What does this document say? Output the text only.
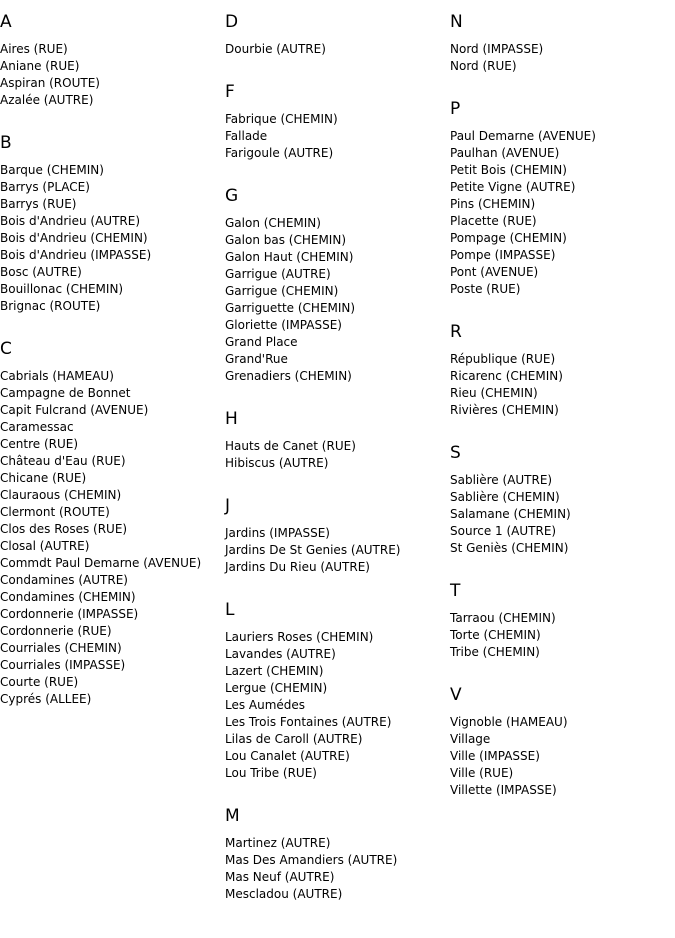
A
Aires (RUE)
Aniane (RUE)
Aspiran (ROUTE)
Azalée (AUTRE)
B
Barque (CHEMIN)
Barrys (PLACE)
Barrys (RUE)
Bois d'Andrieu (AUTRE)
Bois d'Andrieu (CHEMIN)
Bois d'Andrieu (IMPASSE)
Bosc (AUTRE)
Bouillonac (CHEMIN)
Brignac (ROUTE)
C
Cabrials (HAMEAU)
Campagne de Bonnet
Capit Fulcrand (AVENUE)
Caramessac
Centre (RUE)
Château d'Eau (RUE)
Chicane (RUE)
Clauraous (CHEMIN)
Clermont (ROUTE)
Clos des Roses (RUE)
Closal (AUTRE)
Commdt Paul Demarne (AVENUE)
Condamines (AUTRE)
Condamines (CHEMIN)
Cordonnerie (IMPASSE)
Cordonnerie (RUE)
Courriales (CHEMIN)
Courriales (IMPASSE)
Courte (RUE)
Cyprés (ALLEE)
D
Dourbie (AUTRE)
F
Fabrique (CHEMIN)
Fallade
Farigoule (AUTRE)
G
Galon (CHEMIN)
Galon bas (CHEMIN)
Galon Haut (CHEMIN)
Garrigue (AUTRE)
Garrigue (CHEMIN)
Garriguette (CHEMIN)
Gloriette (IMPASSE)
Grand Place
Grand'Rue
Grenadiers (CHEMIN)
H
Hauts de Canet (RUE)
Hibiscus (AUTRE)
J
Jardins (IMPASSE)
Jardins De St Genies (AUTRE)
Jardins Du Rieu (AUTRE)
L
Lauriers Roses (CHEMIN)
Lavandes (AUTRE)
Lazert (CHEMIN)
Lergue (CHEMIN)
Les Aumédes
Les Trois Fontaines (AUTRE)
Lilas de Caroll (AUTRE)
Lou Canalet (AUTRE)
Lou Tribe (RUE)
M
Martinez (AUTRE)
Mas Des Amandiers (AUTRE)
Mas Neuf (AUTRE)
Mescladou (AUTRE)
N
Nord (IMPASSE)
Nord (RUE)
P
Paul Demarne (AVENUE)
Paulhan (AVENUE)
Petit Bois (CHEMIN)
Petite Vigne (AUTRE)
Pins (CHEMIN)
Placette (RUE)
Pompage (CHEMIN)
Pompe (IMPASSE)
Pont (AVENUE)
Poste (RUE)
R
République (RUE)
Ricarenc (CHEMIN)
Rieu (CHEMIN)
Rivières (CHEMIN)
S
Sablière (AUTRE)
Sablière (CHEMIN)
Salamane (CHEMIN)
Source 1 (AUTRE)
St Geniès (CHEMIN)
T
Tarraou (CHEMIN)
Torte (CHEMIN)
Tribe (CHEMIN)
V
Vignoble (HAMEAU)
Village
Ville (IMPASSE)
Ville (RUE)
Villette (IMPASSE)
